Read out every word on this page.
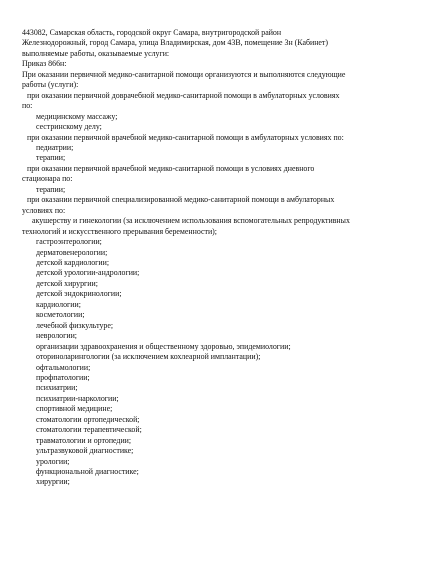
443082, Самарская область, городской округ Самара, внутригородской район
Железнодорожный, город Самара, улица Владимирская, дом 43В, помещение 3н (Кабинет)
выполняемые работы, оказываемые услуги:
Приказ 866н:
При оказании первичной медико-санитарной помощи организуются и выполняются следующие
работы (услуги):
при оказании первичной доврачебной медико-санитарной помощи в амбулаторных условиях
по:
медицинскому массажу;
сестринскому делу;
при оказании первичной врачебной медико-санитарной помощи в амбулаторных условиях по:
педиатрии;
терапии;
при оказании первичной врачебной медико-санитарной помощи в условиях дневного
стационара по:
терапии;
при оказании первичной специализированной медико-санитарной помощи в амбулаторных
условиях по:
акушерству и гинекологии (за исключением использования вспомогательных репродуктивных
технологий и искусственного прерывания беременности);
гастроэнтерологии;
дерматовенерологии;
детской кардиологии;
детской урологии-андрологии;
детской хирургии;
детской эндокринологии;
кардиологии;
косметологии;
лечебной физкультуре;
неврологии;
организации здравоохранения и общественному здоровью, эпидемиологии;
оториноларингологии (за исключением кохлеарной имплантации);
офтальмологии;
профпатологии;
психиатрии;
психиатрии-наркологии;
спортивной медицине;
стоматологии ортопедической;
стоматологии терапевтической;
травматологии и ортопедии;
ультразвуковой диагностике;
урологии;
функциональной диагностике;
хирургии;
